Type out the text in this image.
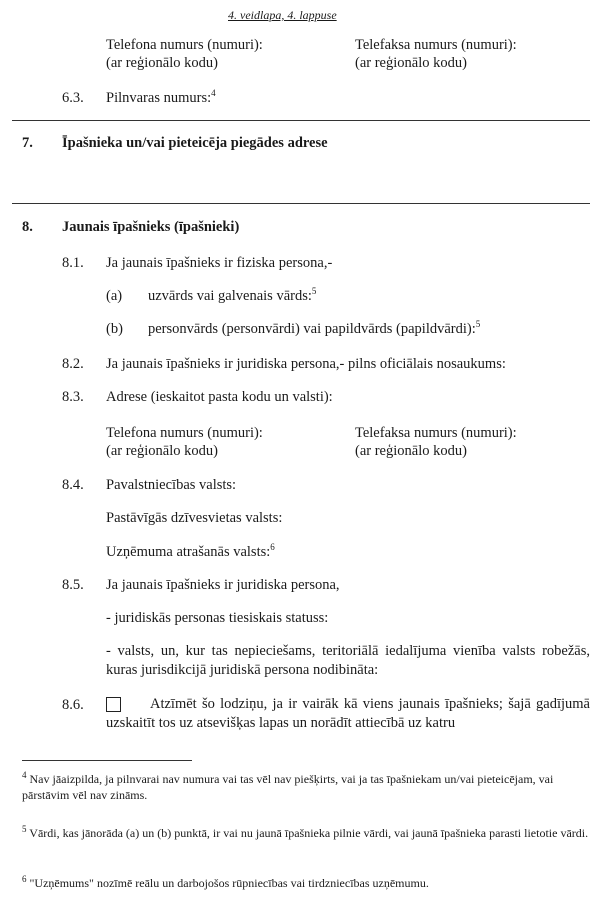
4. veidlapa, 4. lappuse
Telefona numurs (numuri):
(ar reģionālo kodu)
Telefaksa numurs (numuri):
(ar reģionālo kodu)
6.3. Pilnvaras numurs:$^4$
7. Īpašnieka un/vai pieteicēja piegādes adrese
8. Jaunais īpašnieks (īpašnieki)
8.1. Ja jaunais īpašnieks ir fiziska persona,-
(a) uzvārds vai galvenais vārds:$^5$
(b) personvārds (personvārdi) vai papildvārds (papildvārdi):$^5$
8.2. Ja jaunais īpašnieks ir juridiska persona,- pilns oficiālais nosaukums:
8.3. Adrese (ieskaitot pasta kodu un valsti):
Telefona numurs (numuri):
(ar reģionālo kodu)
Telefaksa numurs (numuri):
(ar reģionālo kodu)
8.4. Pavalstniecības valsts:
Pastāvīgās dzīvesvietas valsts:
Uzņēmuma atrašanās valsts:$^6$
8.5. Ja jaunais īpašnieks ir juridiska persona,
- juridiskās personas tiesiskais statuss:
- valsts, un, kur tas nepieciešams, teritoriālā iedalījuma vienība valsts robežās, kuras jurisdikcijā juridiskā persona nodibināta:
8.6.	Atzīmēt šo lodziņu, ja ir vairāk kā viens jaunais īpašnieks; šajā gadījumā uzskaitīt tos uz atsevišķas lapas un norādīt attiecībā uz katru
$^4$ Nav jāaizpilda, ja pilnvarai nav numura vai tas vēl nav piešķirts, vai ja tas īpašniekam un/vai pieteicējam, vai pārstāvim vēl nav zināms.
$^5$ Vārdi, kas jānorāda (a) un (b) punktā, ir vai nu jaunā īpašnieka pilnie vārdi, vai jaunā īpašnieka parasti lietotie vārdi.
$^6$ "Uzņēmums" nozīmē reālu un darbojošos rūpniecības vai tirdzniecības uzņēmumu.
